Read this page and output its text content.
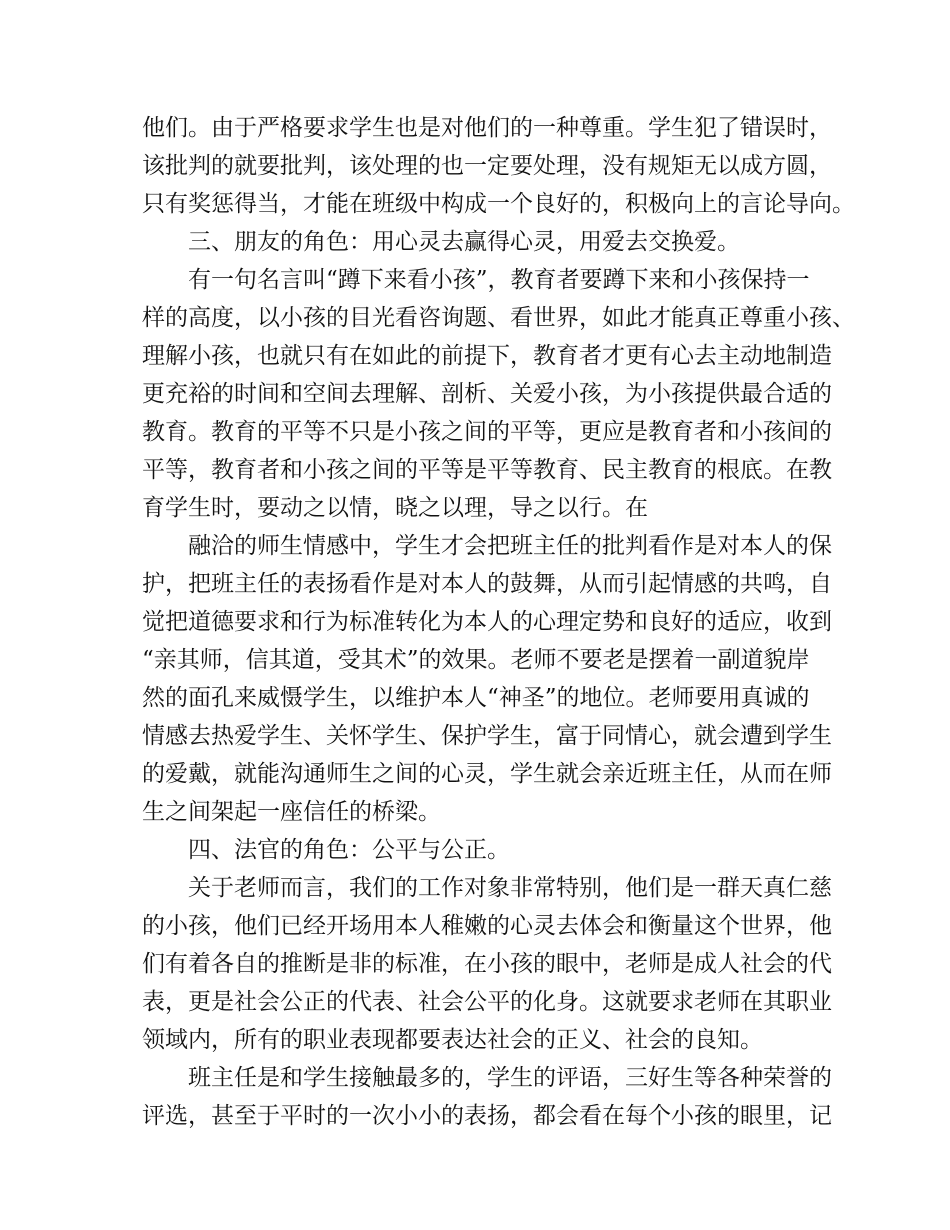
他们。由于严格要求学生也是对他们的一种尊重。学生犯了错误时，
该批判的就要批判，该处理的也一定要处理，没有规矩无以成方圆，
只有奖惩得当，才能在班级中构成一个良好的，积极向上的言论导向。
三、朋友的角色：用心灵去赢得心灵，用爱去交换爱。
有一句名言叫“蹲下来看小孩”，教育者要蹲下来和小孩保持一
样的高度，以小孩的目光看咨询题、看世界，如此才能真正尊重小孩、
理解小孩，也就只有在如此的前提下，教育者才更有心去主动地制造
更充裕的时间和空间去理解、剖析、关爱小孩，为小孩提供最合适的
教育。教育的平等不只是小孩之间的平等，更应是教育者和小孩间的
平等，教育者和小孩之间的平等是平等教育、民主教育的根底。在教
育学生时，要动之以情，晓之以理，导之以行。在
融洽的师生情感中，学生才会把班主任的批判看作是对本人的保
护，把班主任的表扬看作是对本人的鼓舞，从而引起情感的共鸣，自
觉把道德要求和行为标准转化为本人的心理定势和良好的适应，收到
“亲其师，信其道，受其术”的效果。老师不要老是摆着一副道貌岸
然的面孔来威慑学生，以维护本人“神圣”的地位。老师要用真诚的
情感去热爱学生、关怀学生、保护学生，富于同情心，就会遭到学生
的爱戴，就能沟通师生之间的心灵，学生就会亲近班主任，从而在师
生之间架起一座信任的桥梁。
四、法官的角色：公平与公正。
关于老师而言，我们的工作对象非常特别，他们是一群天真仁慈
的小孩，他们已经开场用本人稚嫩的心灵去体会和衡量这个世界，他
们有着各自的推断是非的标准，在小孩的眼中，老师是成人社会的代
表，更是社会公正的代表、社会公平的化身。这就要求老师在其职业
领域内，所有的职业表现都要表达社会的正义、社会的良知。
班主任是和学生接触最多的，学生的评语，三好生等各种荣誉的
评选，甚至于平时的一次小小的表扬，都会看在每个小孩的眼里，记
